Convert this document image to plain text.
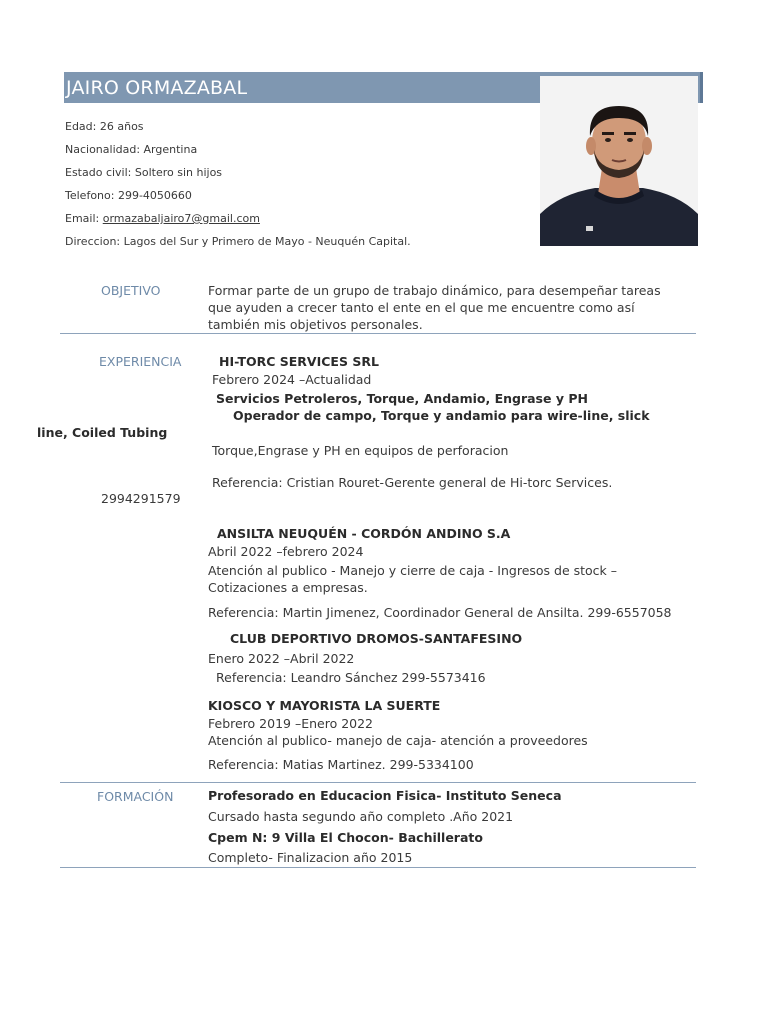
JAIRO ORMAZABAL
Edad: 26 años
Nacionalidad: Argentina
Estado civil: Soltero sin hijos
Telefono: 299-4050660
Email: ormazabaljairo7@gmail.com
Direccion: Lagos del Sur y Primero de Mayo - Neuquén Capital.
OBJETIVO	Formar parte de un grupo de trabajo dinámico, para desempeñar tareas
que ayuden a crecer tanto el ente en el que me encuentre como así
también mis objetivos personales.
EXPERIENCIA	HI-TORC SERVICES SRL
Febrero 2024 –Actualidad
Servicios Petroleros, Torque, Andamio, Engrase y PH
Operador de campo, Torque y andamio para wire-line, slick
line, Coiled Tubing
Torque,Engrase y PH en equipos de perforacion
Referencia: Cristian Rouret-Gerente general de Hi-torc Services.
2994291579
ANSILTA NEUQUÉN - CORDÓN ANDINO S.A
Abril 2022 –febrero 2024
Atención al publico - Manejo y cierre de caja - Ingresos de stock –
Cotizaciones a empresas.
Referencia: Martin Jimenez, Coordinador General de Ansilta. 299-6557058
CLUB DEPORTIVO DROMOS-SANTAFESINO
Enero 2022 –Abril 2022
Referencia: Leandro Sánchez 299-5573416
KIOSCO Y MAYORISTA LA SUERTE
Febrero 2019 –Enero 2022
Atención al publico- manejo de caja- atención a proveedores
Referencia: Matias Martinez. 299-5334100
FORMACIÓN	Profesorado en Educacion Fisica- Instituto Seneca
Cursado hasta segundo año completo .Año 2021
Cpem N: 9 Villa El Chocon- Bachillerato
Completo- Finalizacion año 2015
